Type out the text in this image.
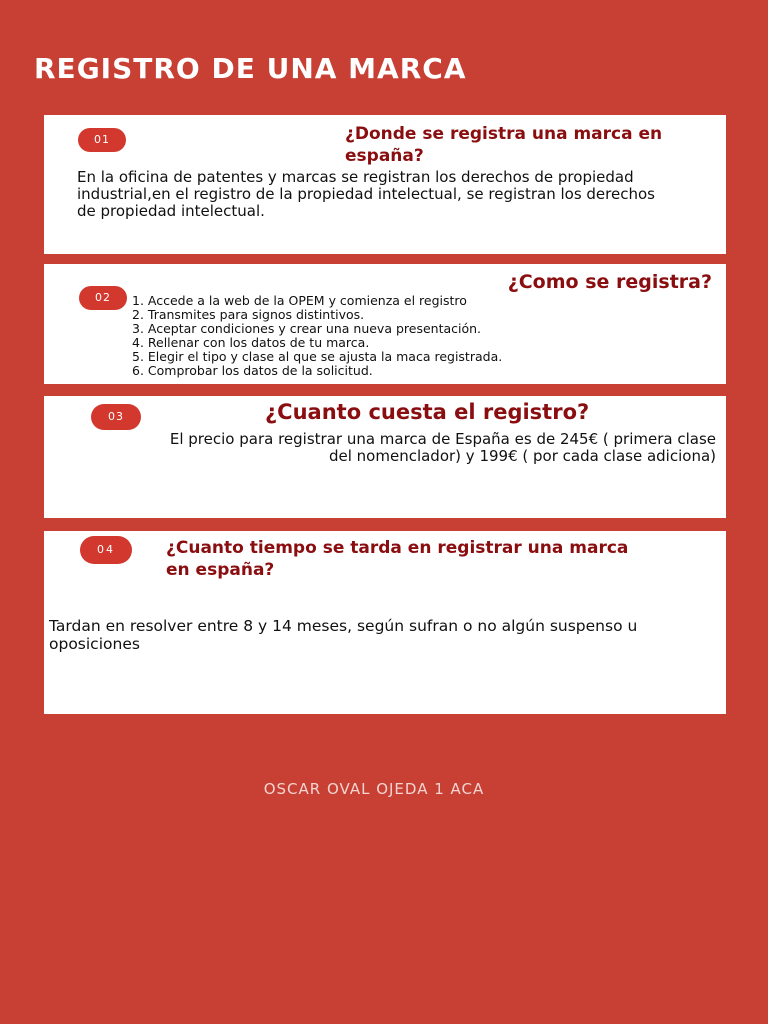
REGISTRO DE UNA MARCA
01	¿Donde se registra una marca en españa?

En la oficina de patentes y marcas se registran los derechos de propiedad industrial,en el registro de la propiedad intelectual, se registran los derechos de propiedad intelectual.

02
¿Como se registra?
1. Accede a la web de la OPEM y comienza el registro
2. Transmites para signos distintivos.
3. Aceptar condiciones y crear una nueva presentación.
4. Rellenar con los datos de tu marca.
5. Elegir el tipo y clase al que se ajusta la maca registrada.
6. Comprobar los datos de la solicitud.
03	¿Cuanto cuesta el registro?

El precio para registrar una marca de España es de 245€ ( primera clase del nomenclador) y 199€ ( por cada clase adiciona)

04	¿Cuanto tiempo se tarda en registrar una marca en españa?

Tardan en resolver entre 8 y 14 meses, según sufran o no algún suspenso u oposiciones

OSCAR OVAL OJEDA 1 ACA
